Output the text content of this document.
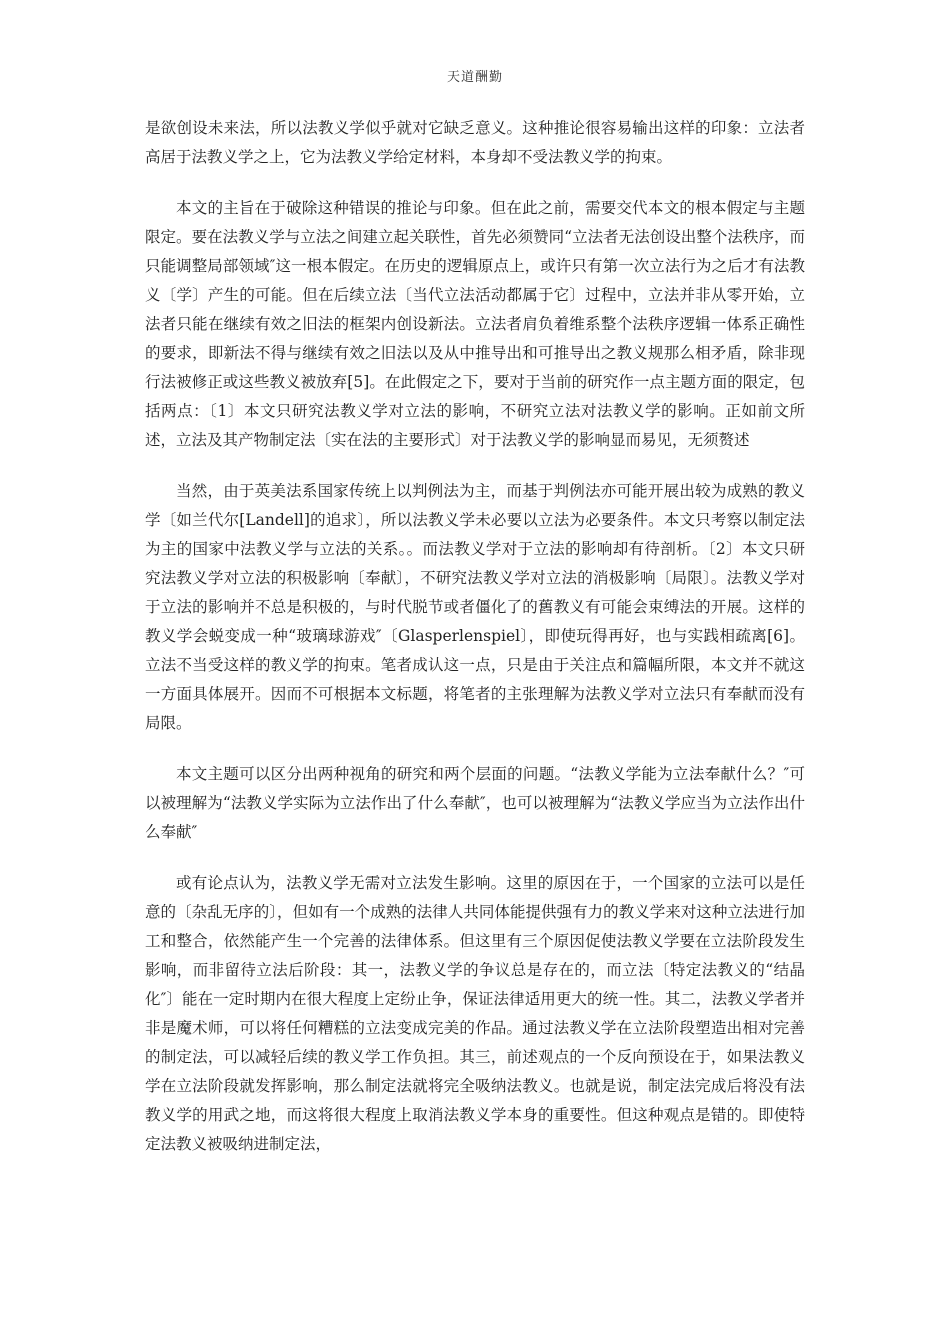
天道酬勤

是欲创设未来法，所以法教义学似乎就对它缺乏意义。这种推论很容易输出这样的印象：立法者高居于法教义学之上，它为法教义学给定材料，本身却不受法教义学的拘束。

本文的主旨在于破除这种错误的推论与印象。但在此之前，需要交代本文的根本假定与主题限定。要在法教义学与立法之间建立起关联性，首先必须赞同“立法者无法创设出整个法秩序，而只能调整局部领域″这一根本假定。在历史的逻辑原点上，或许只有第一次立法行为之后才有法教义〔学〕产生的可能。但在后续立法〔当代立法活动都属于它〕过程中，立法并非从零开始，立法者只能在继续有效之旧法的框架内创设新法。立法者肩负着维系整个法秩序逻辑一体系正确性的要求，即新法不得与继续有效之旧法以及从中推导出和可推导出之教义规那么相矛盾，除非现行法被修正或这些教义被放弃[5]。在此假定之下，要对于当前的研究作一点主题方面的限定，包括两点：〔1〕本文只研究法教义学对立法的影响，不研究立法对法教义学的影响。正如前文所述，立法及其产物制定法〔实在法的主要形式〕对于法教义学的影响显而易见，无须赘述

当然，由于英美法系国家传统上以判例法为主，而基于判例法亦可能开展出较为成熟的教义学〔如兰代尔[Landell]的追求〕，所以法教义学未必要以立法为必要条件。本文只考察以制定法为主的国家中法教义学与立法的关系。。而法教义学对于立法的影响却有待剖析。〔2〕本文只研究法教义学对立法的积极影响〔奉献〕，不研究法教义学对立法的消极影响〔局限〕。法教义学对于立法的影响并不总是积极的，与时代脱节或者僵化了的舊教义有可能会束缚法的开展。这样的教义学会蜕变成一种“玻璃球游戏″〔Glasperlenspiel〕，即使玩得再好，也与实践相疏离[6]。立法不当受这样的教义学的拘束。笔者成认这一点，只是由于关注点和篇幅所限，本文并不就这一方面具体展开。因而不可根据本文标题，将笔者的主张理解为法教义学对立法只有奉献而没有局限。

本文主题可以区分出两种视角的研究和两个层面的问题。“法教义学能为立法奉献什么？″可以被理解为“法教义学实际为立法作出了什么奉献″，也可以被理解为“法教义学应当为立法作出什么奉献″

或有论点认为，法教义学无需对立法发生影响。这里的原因在于，一个国家的立法可以是任意的〔杂乱无序的〕，但如有一个成熟的法律人共同体能提供强有力的教义学来对这种立法进行加工和整合，依然能产生一个完善的法律体系。但这里有三个原因促使法教义学要在立法阶段发生影响，而非留待立法后阶段：其一，法教义学的争议总是存在的，而立法〔特定法教义的“结晶化″〕能在一定时期内在很大程度上定纷止争，保证法律适用更大的统一性。其二，法教义学者并非是魔术师，可以将任何糟糕的立法变成完美的作品。通过法教义学在立法阶段塑造出相对完善的制定法，可以减轻后续的教义学工作负担。其三，前述观点的一个反向预设在于，如果法教义学在立法阶段就发挥影响，那么制定法就将完全吸纳法教义。也就是说，制定法完成后将没有法教义学的用武之地，而这将很大程度上取消法教义学本身的重要性。但这种观点是错的。即使特定法教义被吸纳进制定法，
